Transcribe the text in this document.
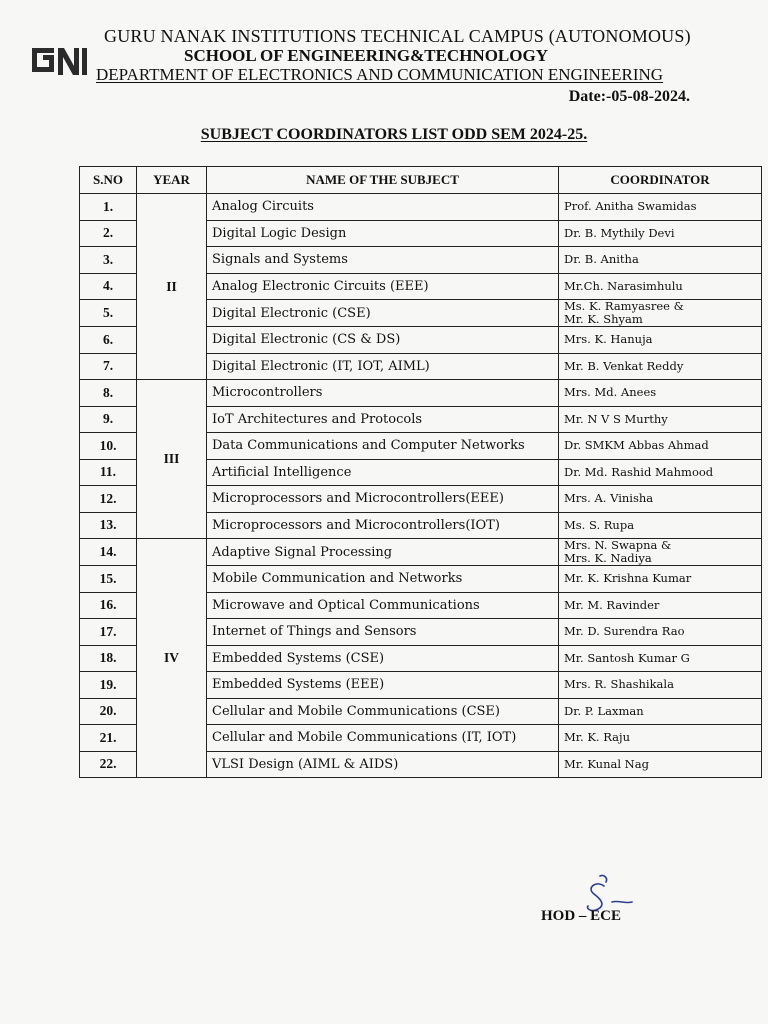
GURU NANAK INSTITUTIONS TECHNICAL CAMPUS (AUTONOMOUS)
SCHOOL OF ENGINEERING&TECHNOLOGY
DEPARTMENT OF ELECTRONICS AND COMMUNICATION ENGINEERING
Date:-05-08-2024.
SUBJECT COORDINATORS LIST ODD SEM 2024-25.
S.NO	YEAR	NAME OF THE SUBJECT	COORDINATOR
1.	II	Analog Circuits	Prof. Anitha Swamidas
2.		Digital Logic Design	Dr. B. Mythily Devi
3.		Signals and Systems	Dr. B. Anitha
4.		Analog Electronic Circuits (EEE)	Mr.Ch. Narasimhulu
5.		Digital Electronic (CSE)	Ms. K. Ramyasree &
Mr. K. Shyam
6.		Digital Electronic (CS & DS)	Mrs. K. Hanuja
7.		Digital Electronic (IT, IOT, AIML)	Mr. B. Venkat Reddy
8.	III	Microcontrollers	Mrs. Md. Anees
9.		IoT Architectures and Protocols	Mr. N V S Murthy
10.		Data Communications and Computer Networks	Dr. SMKM Abbas Ahmad
11.		Artificial Intelligence	Dr. Md. Rashid Mahmood
12.		Microprocessors and Microcontrollers(EEE)	Mrs. A. Vinisha
13.		Microprocessors and Microcontrollers(IOT)	Ms. S. Rupa
14.	IV	Adaptive Signal Processing	Mrs. N. Swapna &
Mrs. K. Nadiya
15.		Mobile Communication and Networks	Mr. K. Krishna Kumar
16.		Microwave and Optical Communications	Mr. M. Ravinder
17.		Internet of Things and Sensors	Mr. D. Surendra Rao
18.		Embedded Systems (CSE)	Mr. Santosh Kumar G
19.		Embedded Systems (EEE)	Mrs. R. Shashikala
20.		Cellular and Mobile Communications (CSE)	Dr. P. Laxman
21.		Cellular and Mobile Communications (IT, IOT)	Mr. K. Raju
22.		VLSI Design (AIML & AIDS)	Mr. Kunal Nag
HOD – ECE
